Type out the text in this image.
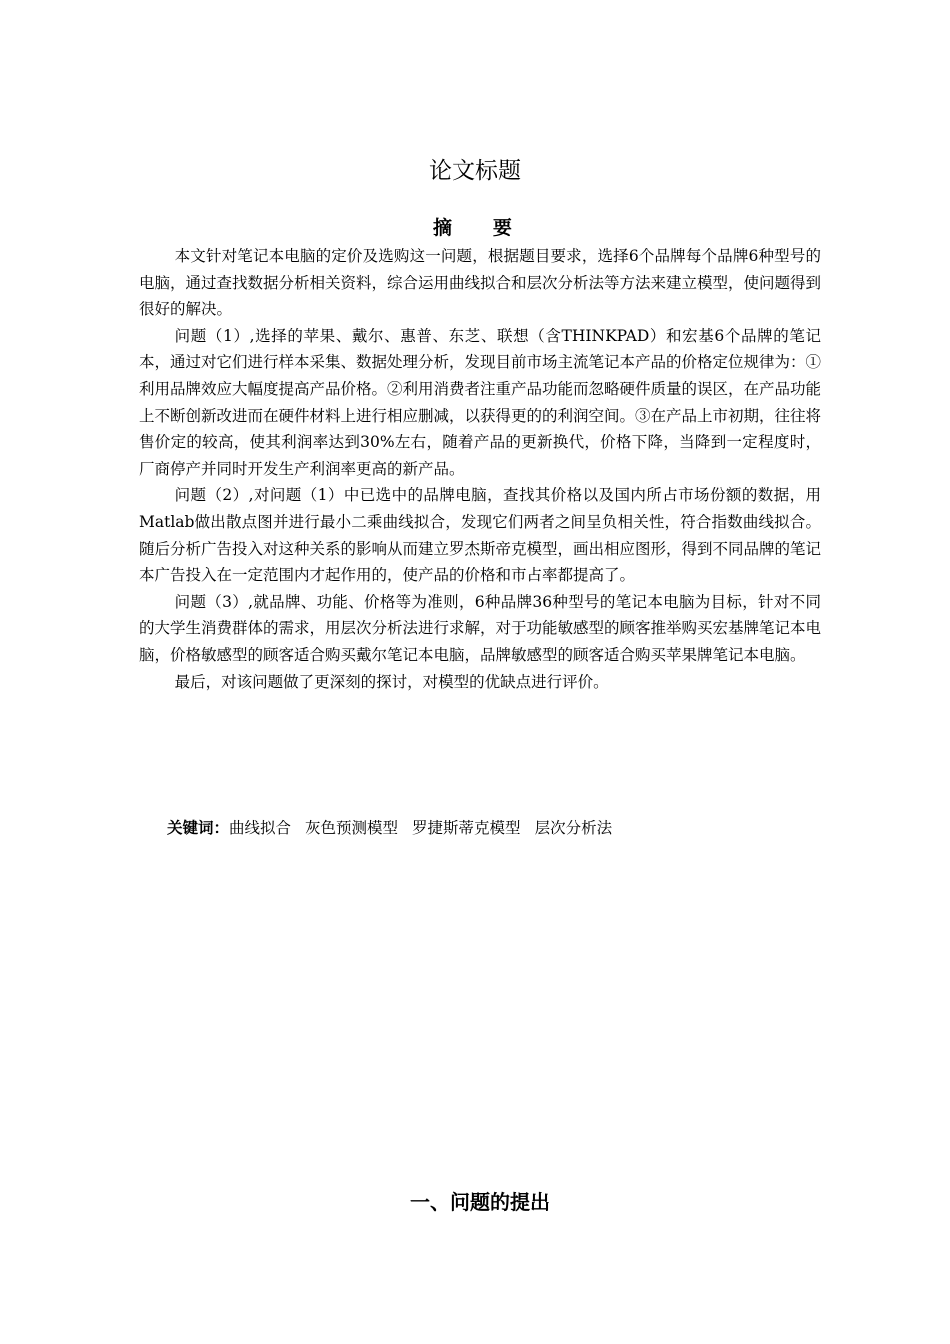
论文标题
摘 要

本文针对笔记本电脑的定价及选购这一问题，根据题目要求，选择6个品牌每个品牌6种型号的电脑，通过查找数据分析相关资料，综合运用曲线拟合和层次分析法等方法来建立模型，使问题得到很好的解决。

问题（1）,选择的苹果、戴尔、惠普、东芝、联想（含THINKPAD）和宏基6个品牌的笔记本，通过对它们进行样本采集、数据处理分析，发现目前市场主流笔记本产品的价格定位规律为：①利用品牌效应大幅度提高产品价格。②利用消费者注重产品功能而忽略硬件质量的误区，在产品功能上不断创新改进而在硬件材料上进行相应删减，以获得更的的利润空间。③在产品上市初期，往往将售价定的较高，使其利润率达到30%左右，随着产品的更新换代，价格下降，当降到一定程度时，厂商停产并同时开发生产利润率更高的新产品。

问题（2）,对问题（1）中已选中的品牌电脑，查找其价格以及国内所占市场份额的数据，用Matlab做出散点图并进行最小二乘曲线拟合，发现它们两者之间呈负相关性，符合指数曲线拟合。随后分析广告投入对这种关系的影响从而建立罗杰斯帝克模型，画出相应图形，得到不同品牌的笔记本广告投入在一定范围内才起作用的，使产品的价格和市占率都提高了。

问题（3）,就品牌、功能、价格等为准则，6种品牌36种型号的笔记本电脑为目标，针对不同的大学生消费群体的需求，用层次分析法进行求解，对于功能敏感型的顾客推举购买宏基牌笔记本电脑，价格敏感型的顾客适合购买戴尔笔记本电脑，品牌敏感型的顾客适合购买苹果牌笔记本电脑。

最后，对该问题做了更深刻的探讨，对模型的优缺点进行评价。

关键词：曲线拟合 灰色预测模型 罗捷斯蒂克模型 层次分析法
一、问题的提出
